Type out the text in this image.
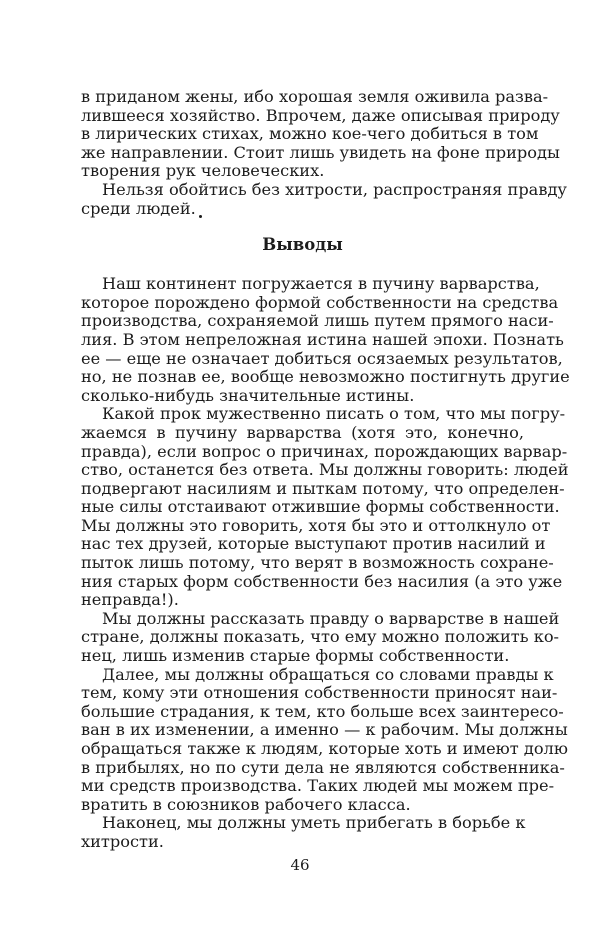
в приданом жены, ибо хорошая земля оживила разва-
лившееся хозяйство. Впрочем, даже описывая природу
в лирических стихах, можно кое-чего добиться в том
же направлении. Стоит лишь увидеть на фоне природы
творения рук человеческих.
Нельзя обойтись без хитрости, распространяя правду
среди людей.
Выводы
Наш континент погружается в пучину варварства,
которое порождено формой собственности на средства
производства, сохраняемой лишь путем прямого наси-
лия. В этом непреложная истина нашей эпохи. Познать
ее — еще не означает добиться осязаемых результатов,
но, не познав ее, вообще невозможно постигнуть другие
сколько-нибудь значительные истины.
Какой прок мужественно писать о том, что мы погру-
жаемся в пучину варварства (хотя это, конечно,
правда), если вопрос о причинах, порождающих варвар-
ство, останется без ответа. Мы должны говорить: людей
подвергают насилиям и пыткам потому, что определен-
ные силы отстаивают отжившие формы собственности.
Мы должны это говорить, хотя бы это и оттолкнуло от
нас тех друзей, которые выступают против насилий и
пыток лишь потому, что верят в возможность сохране-
ния старых форм собственности без насилия (а это уже
неправда!).
Мы должны рассказать правду о варварстве в нашей
стране, должны показать, что ему можно положить ко-
нец, лишь изменив старые формы собственности.
Далее, мы должны обращаться со словами правды к
тем, кому эти отношения собственности приносят наи-
большие страдания, к тем, кто больше всех заинтересо-
ван в их изменении, а именно — к рабочим. Мы должны
обращаться также к людям, которые хоть и имеют долю
в прибылях, но по сути дела не являются собственника-
ми средств производства. Таких людей мы можем пре-
вратить в союзников рабочего класса.
Наконец, мы должны уметь прибегать в борьбе к
хитрости.
46
